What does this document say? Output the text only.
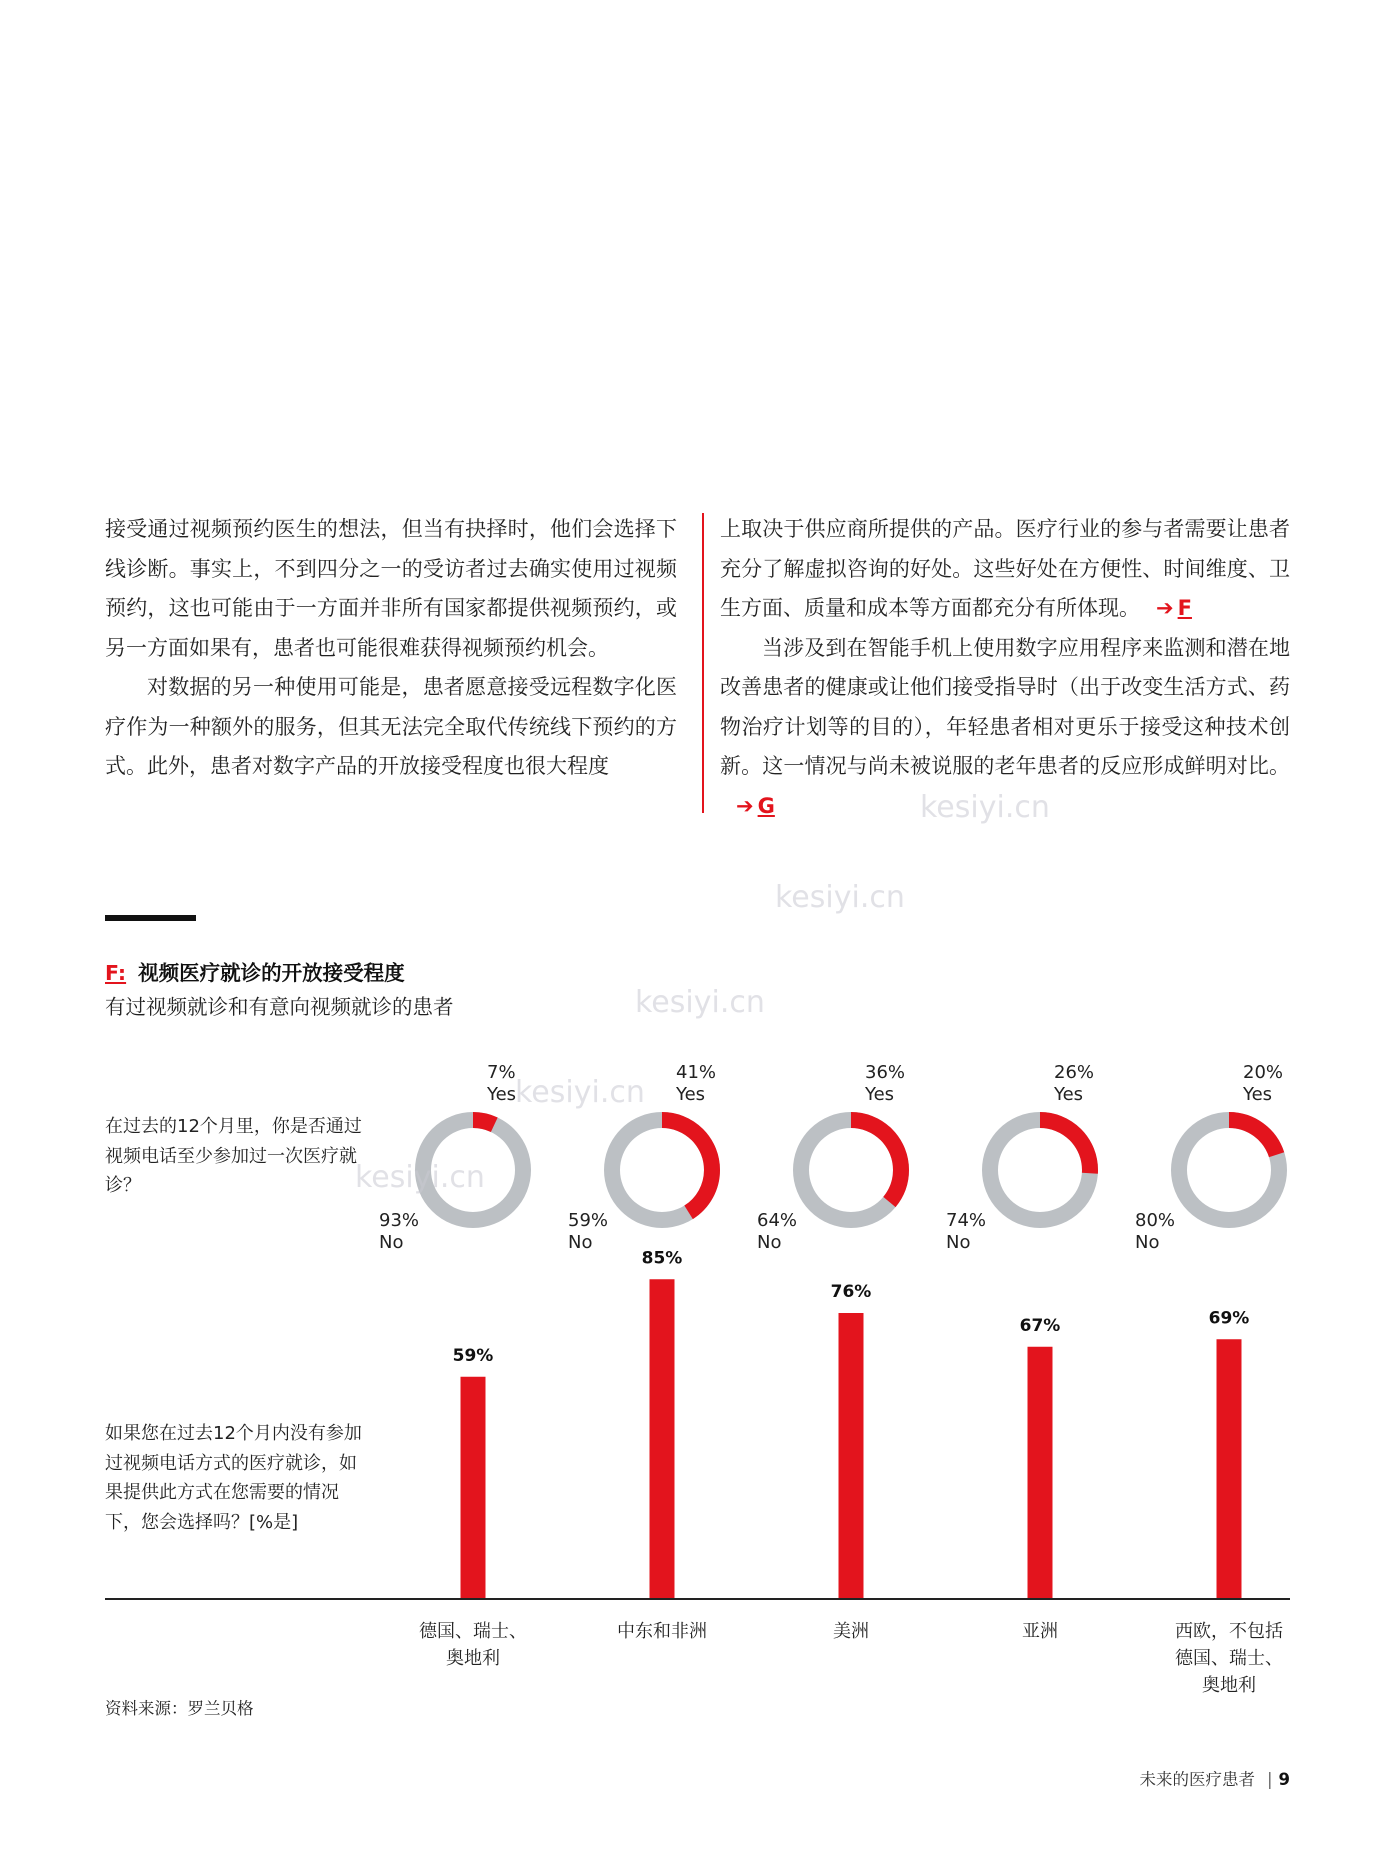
接受通过视频预约医生的想法，但当有抉择时，他们会选择下线诊断。事实上，不到四分之一的受访者过去确实使用过视频预约，这也可能由于一方面并非所有国家都提供视频预约，或另一方面如果有，患者也可能很难获得视频预约机会。

对数据的另一种使用可能是，患者愿意接受远程数字化医疗作为一种额外的服务，但其无法完全取代传统线下预约的方式。此外，患者对数字产品的开放接受程度也很大程度

上取决于供应商所提供的产品。医疗行业的参与者需要让患者充分了解虚拟咨询的好处。这些好处在方便性、时间维度、卫生方面、质量和成本等方面都充分有所体现。 ➔ F

当涉及到在智能手机上使用数字应用程序来监测和潜在地改善患者的健康或让他们接受指导时（出于改变生活方式、药物治疗计划等的目的），年轻患者相对更乐于接受这种技术创新。这一情况与尚未被说服的老年患者的反应形成鲜明对比。➔ G

F: 视频医疗就诊的开放接受程度
有过视频就诊和有意向视频就诊的患者
在过去的12个月里，你是否通过视频电话至少参加过一次医疗就诊？
如果您在过去12个月内没有参加过视频电话方式的医疗就诊，如果提供此方式在您需要的情况下，您会选择吗？[%是]
7%
Yes
93%
No
41%
Yes
59%
No
36%
Yes
64%
No
26%
Yes
74%
No
20%
Yes
80%
No
59%
85%
76%
67%	69%
德国、瑞士、
奥地利
中东和非洲	美洲	亚洲	西欧，不包括
德国、瑞士、
奥地利
资料来源：罗兰贝格
未来的医疗患者 | 9
kesiyi.cn
kesiyi.cn
kesiyi.cn
kesiyi.cn
kesiyi.cn
